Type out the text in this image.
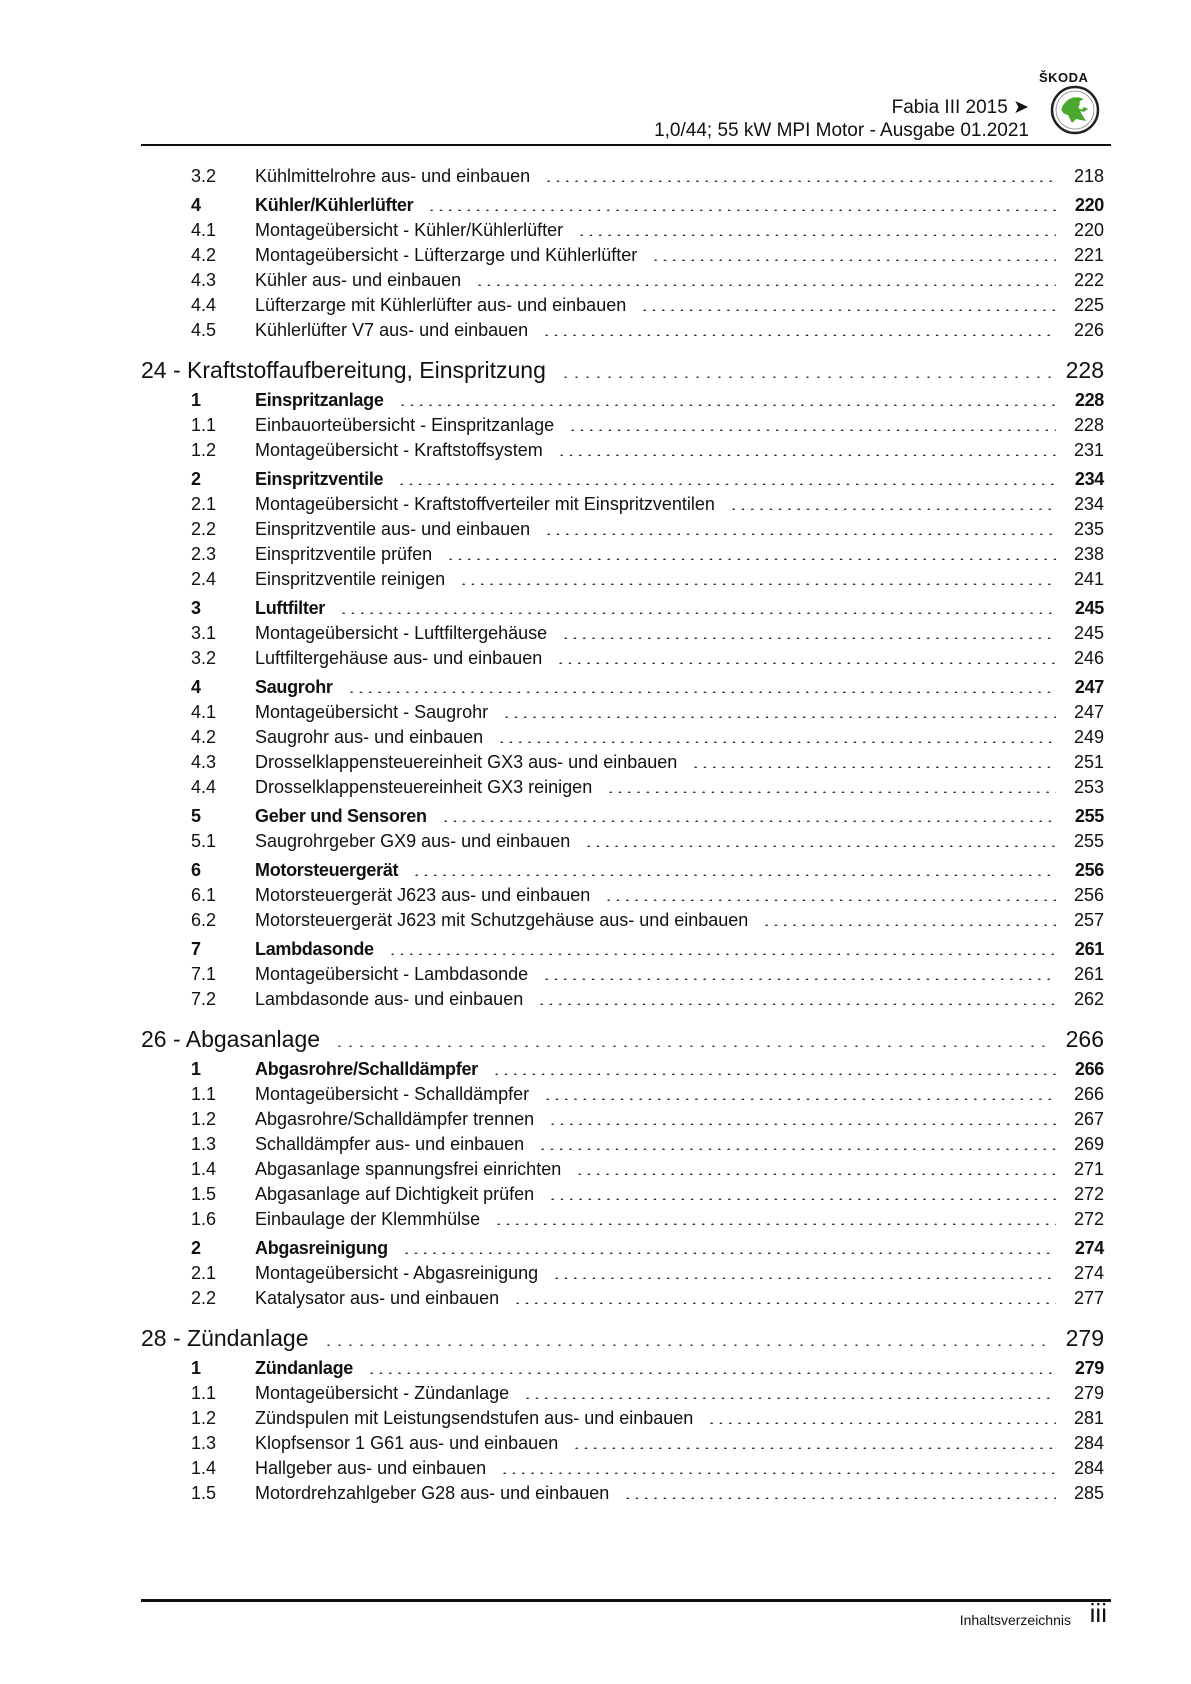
ŠKODA
Fabia III 2015 ➤
1,0/44; 55 kW MPI Motor - Ausgabe 01.2021
3.2	Kühlmittelrohre aus- und einbauen	218
4	Kühler/Kühlerlüfter	220
4.1	Montageübersicht - Kühler/Kühlerlüfter	220
4.2	Montageübersicht - Lüfterzarge und Kühlerlüfter	221
4.3	Kühler aus- und einbauen	222
4.4	Lüfterzarge mit Kühlerlüfter aus- und einbauen	225
4.5	Kühlerlüfter V7 aus- und einbauen	226
24 - Kraftstoffaufbereitung, Einspritzung	228
1	Einspritzanlage	228
1.1	Einbauorteübersicht - Einspritzanlage	228
1.2	Montageübersicht - Kraftstoffsystem	231
2	Einspritzventile	234
2.1	Montageübersicht - Kraftstoffverteiler mit Einspritzventilen	234
2.2	Einspritzventile aus- und einbauen	235
2.3	Einspritzventile prüfen	238
2.4	Einspritzventile reinigen	241
3	Luftfilter	245
3.1	Montageübersicht - Luftfiltergehäuse	245
3.2	Luftfiltergehäuse aus- und einbauen	246
4	Saugrohr	247
4.1	Montageübersicht - Saugrohr	247
4.2	Saugrohr aus- und einbauen	249
4.3	Drosselklappensteuereinheit GX3 aus- und einbauen	251
4.4	Drosselklappensteuereinheit GX3 reinigen	253
5	Geber und Sensoren	255
5.1	Saugrohrgeber GX9 aus- und einbauen	255
6	Motorsteuergerät	256
6.1	Motorsteuergerät J623 aus- und einbauen	256
6.2	Motorsteuergerät J623 mit Schutzgehäuse aus- und einbauen	257
7	Lambdasonde	261
7.1	Montageübersicht - Lambdasonde	261
7.2	Lambdasonde aus- und einbauen	262
26 - Abgasanlage	266
1	Abgasrohre/Schalldämpfer	266
1.1	Montageübersicht - Schalldämpfer	266
1.2	Abgasrohre/Schalldämpfer trennen	267
1.3	Schalldämpfer aus- und einbauen	269
1.4	Abgasanlage spannungsfrei einrichten	271
1.5	Abgasanlage auf Dichtigkeit prüfen	272
1.6	Einbaulage der Klemmhülse	272
2	Abgasreinigung	274
2.1	Montageübersicht - Abgasreinigung	274
2.2	Katalysator aus- und einbauen	277
28 - Zündanlage	279
1	Zündanlage	279
1.1	Montageübersicht - Zündanlage	279
1.2	Zündspulen mit Leistungsendstufen aus- und einbauen	281
1.3	Klopfsensor 1 G61 aus- und einbauen	284
1.4	Hallgeber aus- und einbauen	284
1.5	Motordrehzahlgeber G28 aus- und einbauen	285
Inhaltsverzeichnis iii
